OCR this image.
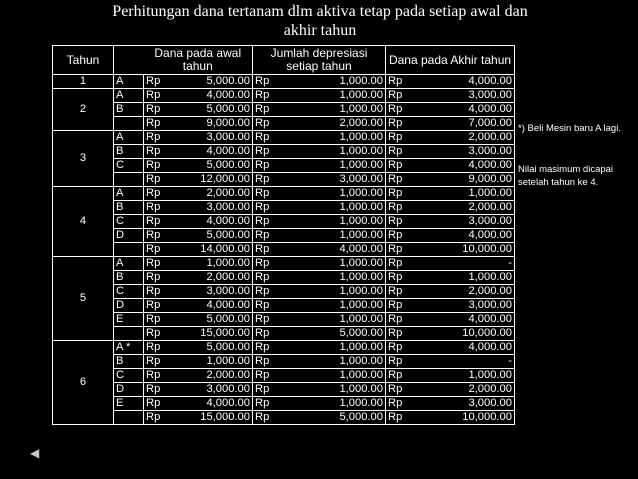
Perhitungan dana tertanam dlm aktiva tetap pada setiap awal dan akhir tahun
Tahun		Dana pada awal tahun		Jumlah depresiasi setiap tahun		Dana pada Akhir tahun	
1	A	Rp	5,000.00	Rp	1,000.00	Rp	4,000.00
2	A	Rp	4,000.00	Rp	1,000.00	Rp	3,000.00
	B	Rp	5,000.00	Rp	1,000.00	Rp	4,000.00
		Rp	9,000.00	Rp	2,000.00	Rp	7,000.00
3	A	Rp	3,000.00	Rp	1,000.00	Rp	2,000.00
	B	Rp	4,000.00	Rp	1,000.00	Rp	3,000.00
	C	Rp	5,000.00	Rp	1,000.00	Rp	4,000.00
		Rp	12,000.00	Rp	3,000.00	Rp	9,000.00
4	A	Rp	2,000.00	Rp	1,000.00	Rp	1,000.00
	B	Rp	3,000.00	Rp	1,000.00	Rp	2,000.00
	C	Rp	4,000.00	Rp	1,000.00	Rp	3,000.00
	D	Rp	5,000.00	Rp	1,000.00	Rp	4,000.00
		Rp	14,000.00	Rp	4,000.00	Rp	10,000.00
5	A	Rp	1,000.00	Rp	1,000.00	Rp	-
	B	Rp	2,000.00	Rp	1,000.00	Rp	1,000.00
	C	Rp	3,000.00	Rp	1,000.00	Rp	2,000.00
	D	Rp	4,000.00	Rp	1,000.00	Rp	3,000.00
	E	Rp	5,000.00	Rp	1,000.00	Rp	4,000.00
		Rp	15,000.00	Rp	5,000.00	Rp	10,000.00
6	A *	Rp	5,000.00	Rp	1,000.00	Rp	4,000.00
	B	Rp	1,000.00	Rp	1,000.00	Rp	-
	C	Rp	2,000.00	Rp	1,000.00	Rp	1,000.00
	D	Rp	3,000.00	Rp	1,000.00	Rp	2,000.00
	E	Rp	4,000.00	Rp	1,000.00	Rp	3,000.00
		Rp	15,000.00	Rp	5,000.00	Rp	10,000.00
*) Beli Mesin baru A lagi.
Nilai masimum dicapai setelah tahun ke 4.
◀
